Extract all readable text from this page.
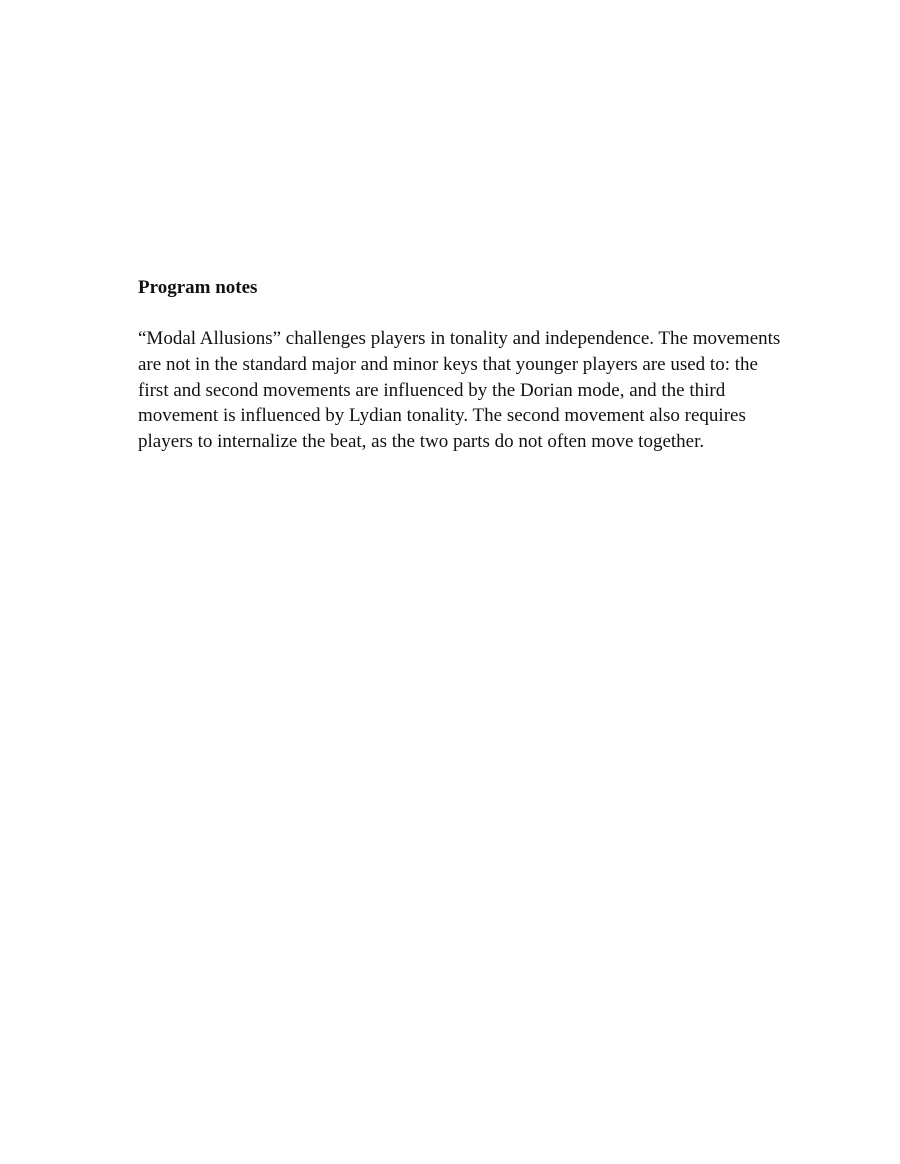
Program notes

“Modal Allusions” challenges players in tonality and independence. The movements are not in the standard major and minor keys that younger players are used to: the first and second movements are influenced by the Dorian mode, and the third movement is influenced by Lydian tonality. The second movement also requires players to internalize the beat, as the two parts do not often move together.
